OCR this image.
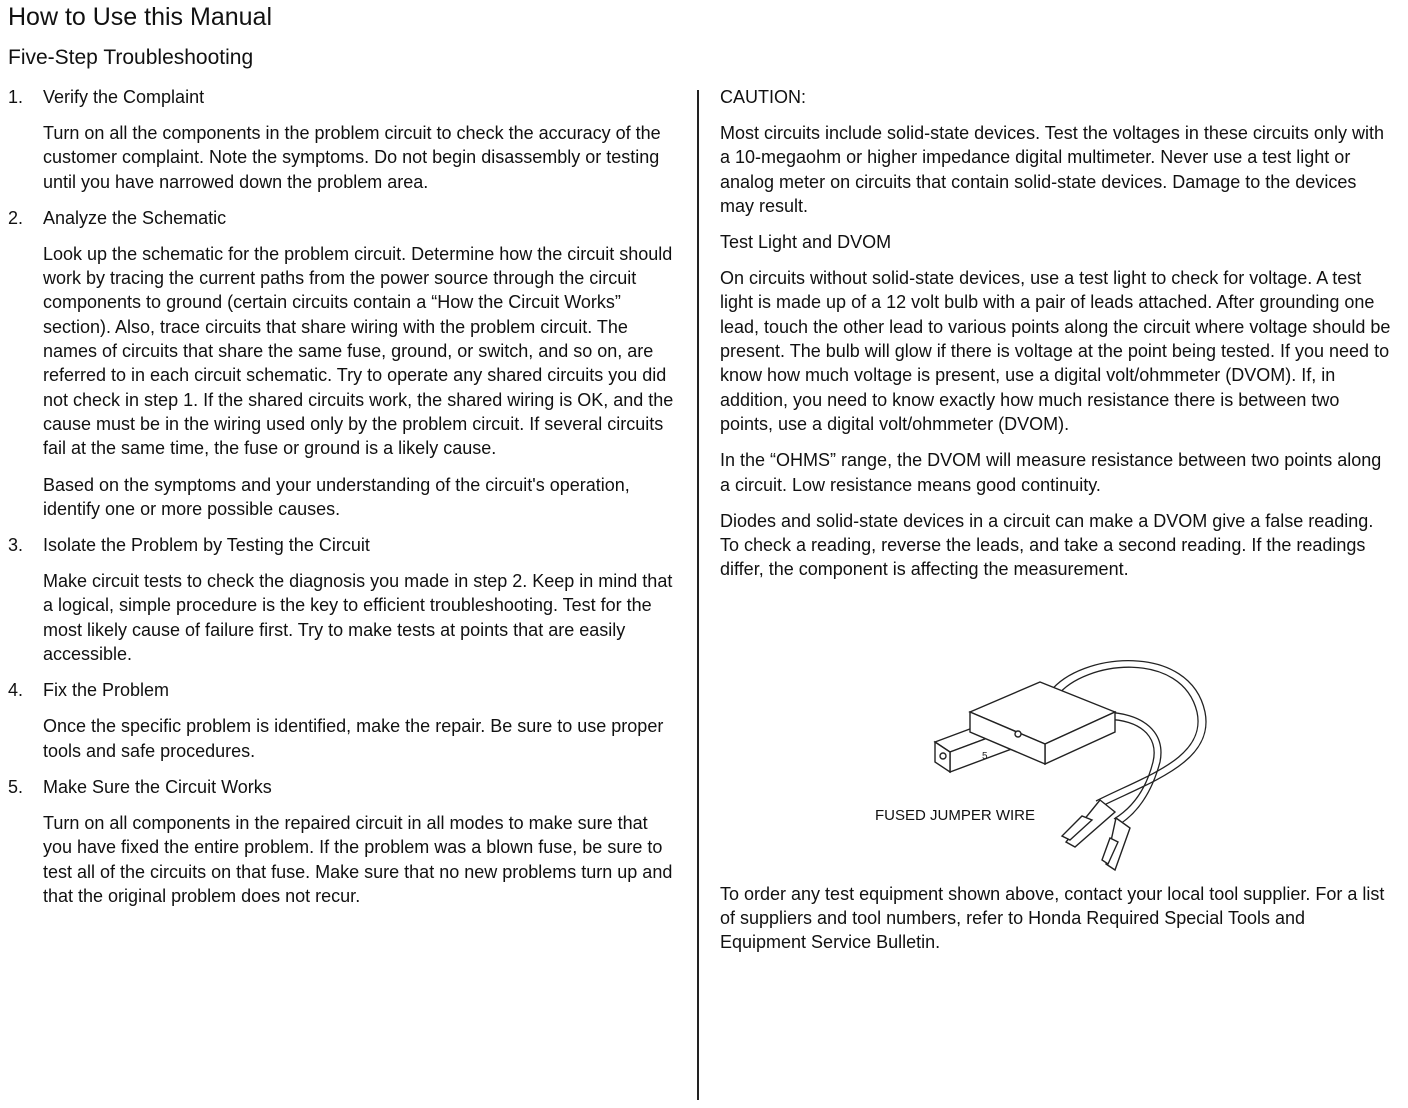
How to Use this Manual
Five-Step Troubleshooting
1. Verify the Complaint

Turn on all the components in the problem circuit to check the accuracy of the customer complaint. Note the symptoms. Do not begin disassembly or testing until you have narrowed down the problem area.

2. Analyze the Schematic

Look up the schematic for the problem circuit. Determine how the circuit should work by tracing the current paths from the power source through the circuit components to ground (certain circuits contain a “How the Circuit Works” section). Also, trace circuits that share wiring with the problem circuit. The names of circuits that share the same fuse, ground, or switch, and so on, are referred to in each circuit schematic. Try to operate any shared circuits you did not check in step 1. If the shared circuits work, the shared wiring is OK, and the cause must be in the wiring used only by the problem circuit. If several circuits fail at the same time, the fuse or ground is a likely cause.

Based on the symptoms and your understanding of the circuit's operation, identify one or more possible causes.

3. Isolate the Problem by Testing the Circuit

Make circuit tests to check the diagnosis you made in step 2. Keep in mind that a logical, simple procedure is the key to efficient troubleshooting. Test for the most likely cause of failure first. Try to make tests at points that are easily accessible.

4. Fix the Problem

Once the specific problem is identified, make the repair. Be sure to use proper tools and safe procedures.

5. Make Sure the Circuit Works

Turn on all components in the repaired circuit in all modes to make sure that you have fixed the entire problem. If the problem was a blown fuse, be sure to test all of the circuits on that fuse. Make sure that no new problems turn up and that the original problem does not recur.

CAUTION:

Most circuits include solid-state devices. Test the voltages in these circuits only with a 10-megaohm or higher impedance digital multimeter. Never use a test light or analog meter on circuits that contain solid-state devices. Damage to the devices may result.

Test Light and DVOM

On circuits without solid-state devices, use a test light to check for voltage. A test light is made up of a 12 volt bulb with a pair of leads attached. After grounding one lead, touch the other lead to various points along the circuit where voltage should be present. The bulb will glow if there is voltage at the point being tested. If you need to know how much voltage is present, use a digital volt/ohmmeter (DVOM). If, in addition, you need to know exactly how much resistance there is between two points, use a digital volt/ohmmeter (DVOM).

In the “OHMS” range, the DVOM will measure resistance between two points along a circuit. Low resistance means good continuity.

Diodes and solid-state devices in a circuit can make a DVOM give a false reading. To check a reading, reverse the leads, and take a second reading. If the readings differ, the component is affecting the measurement.

5
FUSED JUMPER WIRE

To order any test equipment shown above, contact your local tool supplier. For a list of suppliers and tool numbers, refer to Honda Required Special Tools and Equipment Service Bulletin.
